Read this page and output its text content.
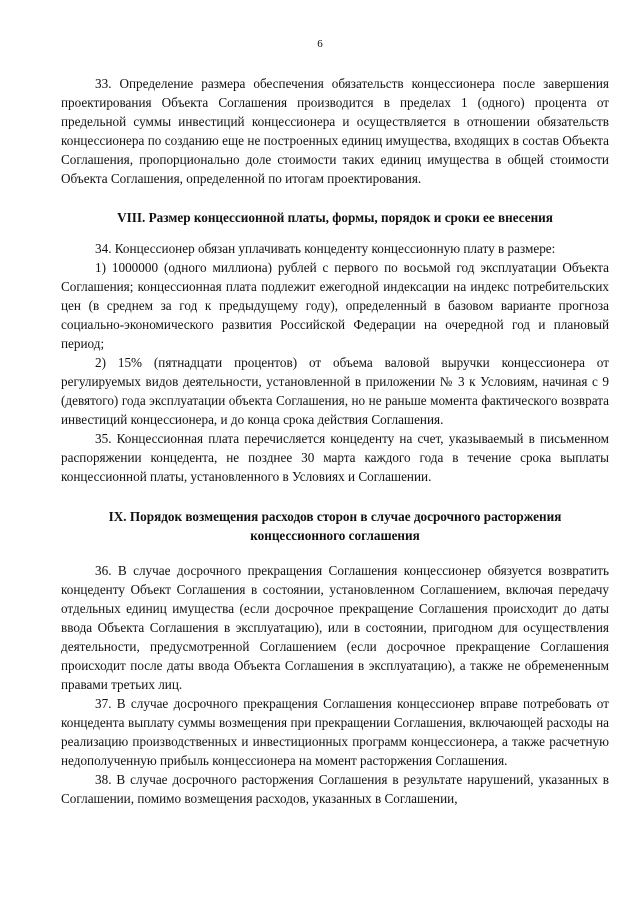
6

33. Определение размера обеспечения обязательств концессионера после завершения проектирования Объекта Соглашения производится в пределах 1 (одного) процента от предельной суммы инвестиций концессионера и осуществляется в отношении обязательств концессионера по созданию еще не построенных единиц имущества, входящих в состав Объекта Соглашения, пропорционально доле стоимости таких единиц имущества в общей стоимости Объекта Соглашения, определенной по итогам проектирования.

VIII. Размер концессионной платы, формы, порядок и сроки ее внесения

34. Концессионер обязан уплачивать концеденту концессионную плату в размере:

1) 1000000 (одного миллиона) рублей с первого по восьмой год эксплуатации Объекта Соглашения; концессионная плата подлежит ежегодной индексации на индекс потребительских цен (в среднем за год к предыдущему году), определенный в базовом варианте прогноза социально-экономического развития Российской Федерации на очередной год и плановый период;

2) 15% (пятнадцати процентов) от объема валовой выручки концессионера от регулируемых видов деятельности, установленной в приложении № 3 к Условиям, начиная с 9 (девятого) года эксплуатации объекта Соглашения, но не раньше момента фактического возврата инвестиций концессионера, и до конца срока действия Соглашения.

35. Концессионная плата перечисляется концеденту на счет, указываемый в письменном распоряжении концедента, не позднее 30 марта каждого года в течение срока выплаты концессионной платы, установленного в Условиях и Соглашении.

IX. Порядок возмещения расходов сторон в случае досрочного расторжения
концессионного соглашения

36. В случае досрочного прекращения Соглашения концессионер обязуется возвратить концеденту Объект Соглашения в состоянии, установленном Соглашением, включая передачу отдельных единиц имущества (если досрочное прекращение Соглашения происходит до даты ввода Объекта Соглашения в эксплуатацию), или в состоянии, пригодном для осуществления деятельности, предусмотренной Соглашением (если досрочное прекращение Соглашения происходит после даты ввода Объекта Соглашения в эксплуатацию), а также не обремененным правами третьих лиц.

37. В случае досрочного прекращения Соглашения концессионер вправе потребовать от концедента выплату суммы возмещения при прекращении Соглашения, включающей расходы на реализацию производственных и инвестиционных программ концессионера, а также расчетную недополученную прибыль концессионера на момент расторжения Соглашения.

38. В случае досрочного расторжения Соглашения в результате нарушений, указанных в Соглашении, помимо возмещения расходов, указанных в Соглашении,
